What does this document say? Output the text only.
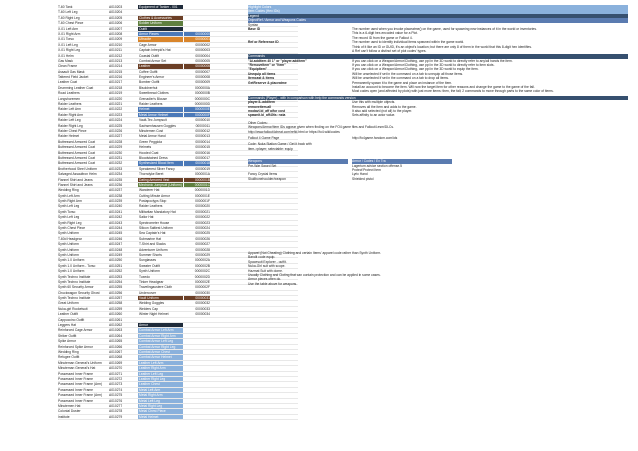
T-60 Tank	A010203	Equipment of Tanker - 001
T-60 Left Leg	A010204
T-60 Right Leg	A010205	Clothes & Accessories
T-60 Chest Piece	A010206	Soldier Uniform
X-01 Left Arm	A010207	Outfit
X-01 Right Arm	A010208	Armor Pieces	00000000
X-01 Torso	A010209	Ultracite	00000001
X-01 Left Leg	A010210	Cage Armor	00000002
X-01 Right Leg	A010211	Captain Intrepid's Hat	00000003
X-01 Helm	A010212	Coastal Outfit	00000004
Gas Mask	A010213	Combat Armor Set	00000005
Clean Frame	A010214	Leather	00000006
Assault Gas Mask	A010215	Coffee Outfit	00000007
Tattered Field Jacket	A010216	Engineer's Armor	00000008
Leather Coat	A010217	Bomber Outfit	00000009
Drumming Leather Coat	A010218	Bisoldnerhut	0000000A
Road Leathers	A010219	Sweetbread Clothes	0000000B
Longshoremen	A010220	Grenadier's Blouse	0000000C
Raider Leathers	A010221	Raider Leathers	0000000D
Raider Left Arm	A010222	Helmet	0000000E
Raider Right Arm	A010223	Metal Armor Helmet	0000000F
Raider Left Leg	A010224	Vault-Tec Jumpsuit	00000010
Raider Right Leg	A010225	Sachsenhausen Goggles	00000011
Raider Chest Piece	A010226	Minutemen Cost	00000012
Raider Helmet	A010227	Metal Armor Hand	00000013
Buttressed Armored Coat	A010228	Green Peggiola	00000014
Buttressed Armored Coat	A010229	Helmets	00000015
Buttressed Armored Coat	A010230	Hooded Coat	00000016
Buttressed Armored Coat	A010231	Bloodstained Dress	00000017
Buttressed Armored Coat	A010232	Synthesized Blood Item	00000018
Brotherhood Steel Uniform	A010233	Speakerest Silver Fancy	00000019
Salvaged Assaultron Helm	A010234	Thorndyke Beret	0000001A
Flannel Shirt and Jeans	A010235	Dating Armored Vest	0000001B
Flannel Shirt and Jeans	A010236	Mechanic Jumpsuit (Uniform)	0000001C
Wedding Ring	A010237	Wanderer Hat	0000001D
Synth Left Arm	A010238	Cutting Minute Armor	0000001E
Synth Right Arm	A010239	Postapoclyps Stop	0000001F
Synth Left Leg	A010240	Raider Leathers	00000020
Synth Torso	A010241	Militaritan Mandatory Hat	00000021
Synth Left Leg	A010242	Sailor Hat	00000022
Synth Right Leg	A010243	Spectrometer House	00000023
Synth Chest Piece	A010244	Silicon Saltiest Uniform	00000024
Synth Uniform	A010245	Sea Captain's Hat	00000025
T-60d Headgear	A010246	Submarine Hat	00000026
Synth Uniform	A010247	T-Shirt and Slacks	00000027
Synth Uniform	A010248	Adventurer Uniform	00000028
Synth Uniform	A010249	Summer Shorts	00000029
Synth 1.0 Uniform	A010250	Sunglasses	0000002A
Synth 1.0 Uniform - Torso	A010251	Sweater Outfit	0000002B
Synth 1.0 Uniform	A010252	Synth Uniform	0000002C
Synth Techno Institute	A010253	Tuxedo	0000002D
Synth Techno Institute	A010254	Tinker Headgear	0000002E
Synth 60 Security Armor	A010255	Travelingaustere Cloth	0000002F
Chuckwagon Security Ghost	A010256	Undercover	00000030
Synth Techno Institute	A010257	Vault Uniform	00000031
Great Uniform	A010258	Welding Goggles	00000032
Nuka-girl Rocketsuit	A010259	Welders Cap	00000033
Leather Outfit	A010260	Winter Night Helmet	00000034
Cappuccino Outfit	A010261
Leggers Hat	A010262	Armor
Reinforced Cage Armor	A010263	Combat Armor Left Arm
Striker Outfit	A010264	Combat Armor Right Arm
Spike Armor	A010265	Combat Armor Left Leg
Reinforced Spike Armor	A010266	Combat Armor Right Leg
Wedding Ring	A010267	Combat Armor Chest
Refugee Outfit	A010268	Combat Armor Helmet
Minuteman General's Uniform	A010269	Leather Left Arm
Minuteman General's Hat	A010270	Leather Right Arm
Possessed Inner Frame	A010271	Leather Left Leg
Possessed Inner Frame	A010272	Leather Right Leg
Possessed Inner Frame (Arm)	A010273	Leather Chest
Possessed Inner Frame	A010274	Metal Left Arm
Possessed Inner Frame (Arm)	A010275	Metal Right Arm
Possessed Inner Frame	A010276	Metal Left Leg
Minutemen Hat	A010277	Metal Right Leg
Colonial Duster	A010278	Metal Chest Piece
Institute	A010279	Metal Helmet
Highlight Colors
Item Codes (Hex IDs)
Legend
ObjectRef / Armor and Weapons Codes
Syntax
Base ID	The number used when you invoke placeatme() on the game, used for spawning new instances of it in the world or inventories.
This is a 6-digit hex-encoded value for a Plot.
The record ID from the game or Fallout 4.
Ref or Reference ID	The number used to identify individual items spawned within the game world.
Think of it like an ID or GUID, it's an object's location; but there are only 8 of them in the world that this 8-digit hex identifies.
A Ref can't follow a distinct set of plot codes' types.
Commands
"Ai.additem 40 1" or "player.additem"	If you can click on a Weapon/Armor/Clothing, use ppi in the 3D world to directly refer to any/all hands the item.
"RemoveItem" or "Item"	If you can click on a Weapon/Armor/Clothing, use ppi in the 3D world to directly refer to item slots.
"EquipItem"	If you can click on a Weapon/Armor/Clothing, use ppi in the 3D world to equip the item.
Unequip all items	Will be unselected if set in the command on a tab to unequip all those items.
Itemcast & items	Will be unselected if set in the command on a tab to drop all items.
GetReserve & placeatme	Permanently spawn it to the game and place an instance of the item.
Install an account to become the item. Will now the target item for other reasons and change the game to the game of the fall.
Most codes open (and affected by plots) with just more items: then, the fall; 2 commands to move through parts to the same color of items.
Commands (Player) - with in comparison with help the commands version
player.IL.additem	Use this with multiple objects.
removeitem.all	Removes all the item and adds to the game.
modavl.bl_aff aifor cost	It also add selected (not all) to the player.
spawnit.bl_aff40ts: nsta	Sets affinity to an actor value.
Other Codes:
Weapons/Armor/Item IDs appear given when finding on the FO4 game files and Fallout4.esm/DLCs.
http://www.fallout4cheat.com/refid.html or https://fo4.wiki/codes
Fallout 4 Game Page	http://fo4game.fandom.com/ids
Code: Nuka Station Game / Get it back with
item->player; selectable: equip
Weapons	Armor / Codes / Ex Tra
Pre-War Sword Set	Lagerium advice section offense.5
Protect'Protect Item
Fancy Crystal Items	Lyric Hand
Skullbonehoulder/weapon	Shielded pistol
Apparel (Not Cheating) Clothing and certain Items' apparel code rather than Synth Uniform.
Bandit code equip.
Spacesuit Explorer - outfit.
Nuka-Girl suit with scope.
Hazmat Suit with dome.
Usually Clothing and Cloting that can contain protection and can be applied in some cases.
Armor pieces often do.
Use the table above for weapons.
